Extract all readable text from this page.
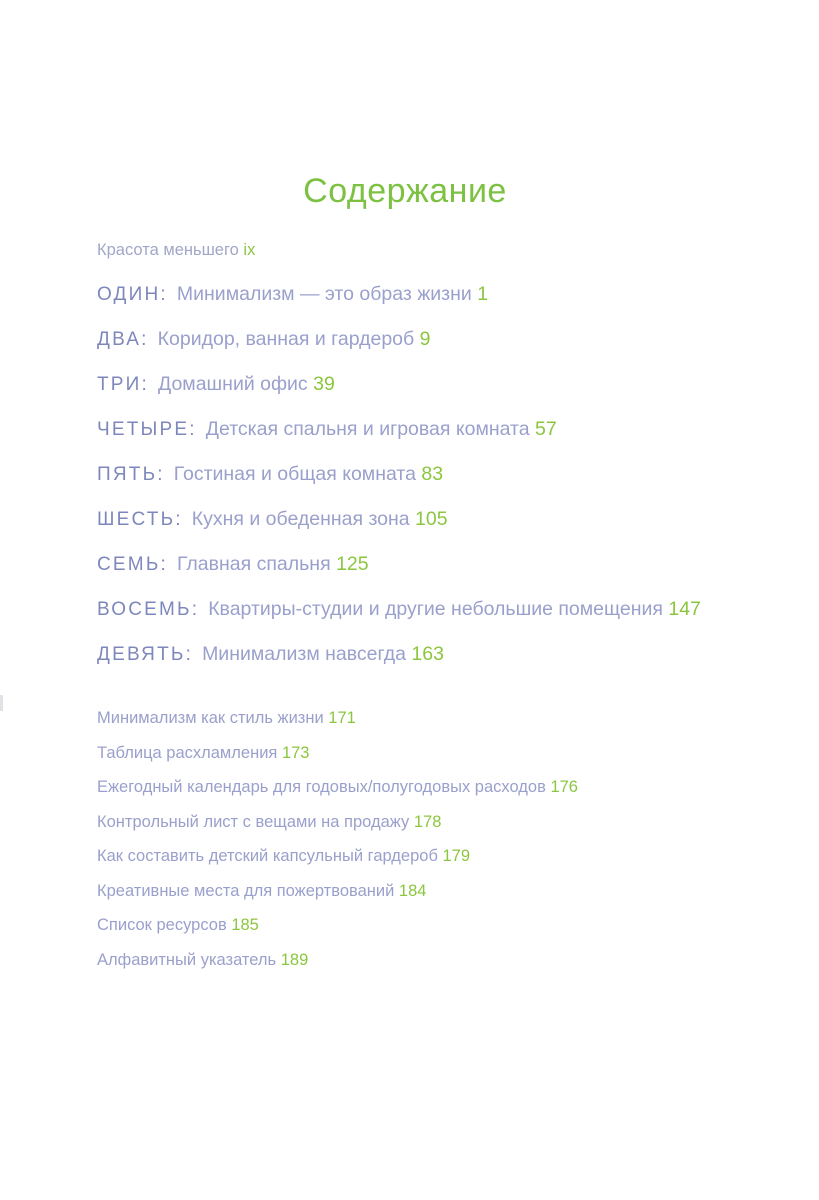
Содержание
Красота меньшего ix
ОДИН: Минимализм — это образ жизни 1
ДВА: Коридор, ванная и гардероб 9
ТРИ: Домашний офис 39
ЧЕТЫРЕ: Детская спальня и игровая комната 57
ПЯТЬ: Гостиная и общая комната 83
ШЕСТЬ: Кухня и обеденная зона 105
СЕМЬ: Главная спальня 125
ВОСЕМЬ: Квартиры-студии и другие небольшие помещения 147
ДЕВЯТЬ: Минимализм навсегда 163
Минимализм как стиль жизни 171
Таблица расхламления 173
Ежегодный календарь для годовых/полугодовых расходов 176
Контрольный лист с вещами на продажу 178
Как составить детский капсульный гардероб 179
Креативные места для пожертвований 184
Список ресурсов 185
Алфавитный указатель 189
